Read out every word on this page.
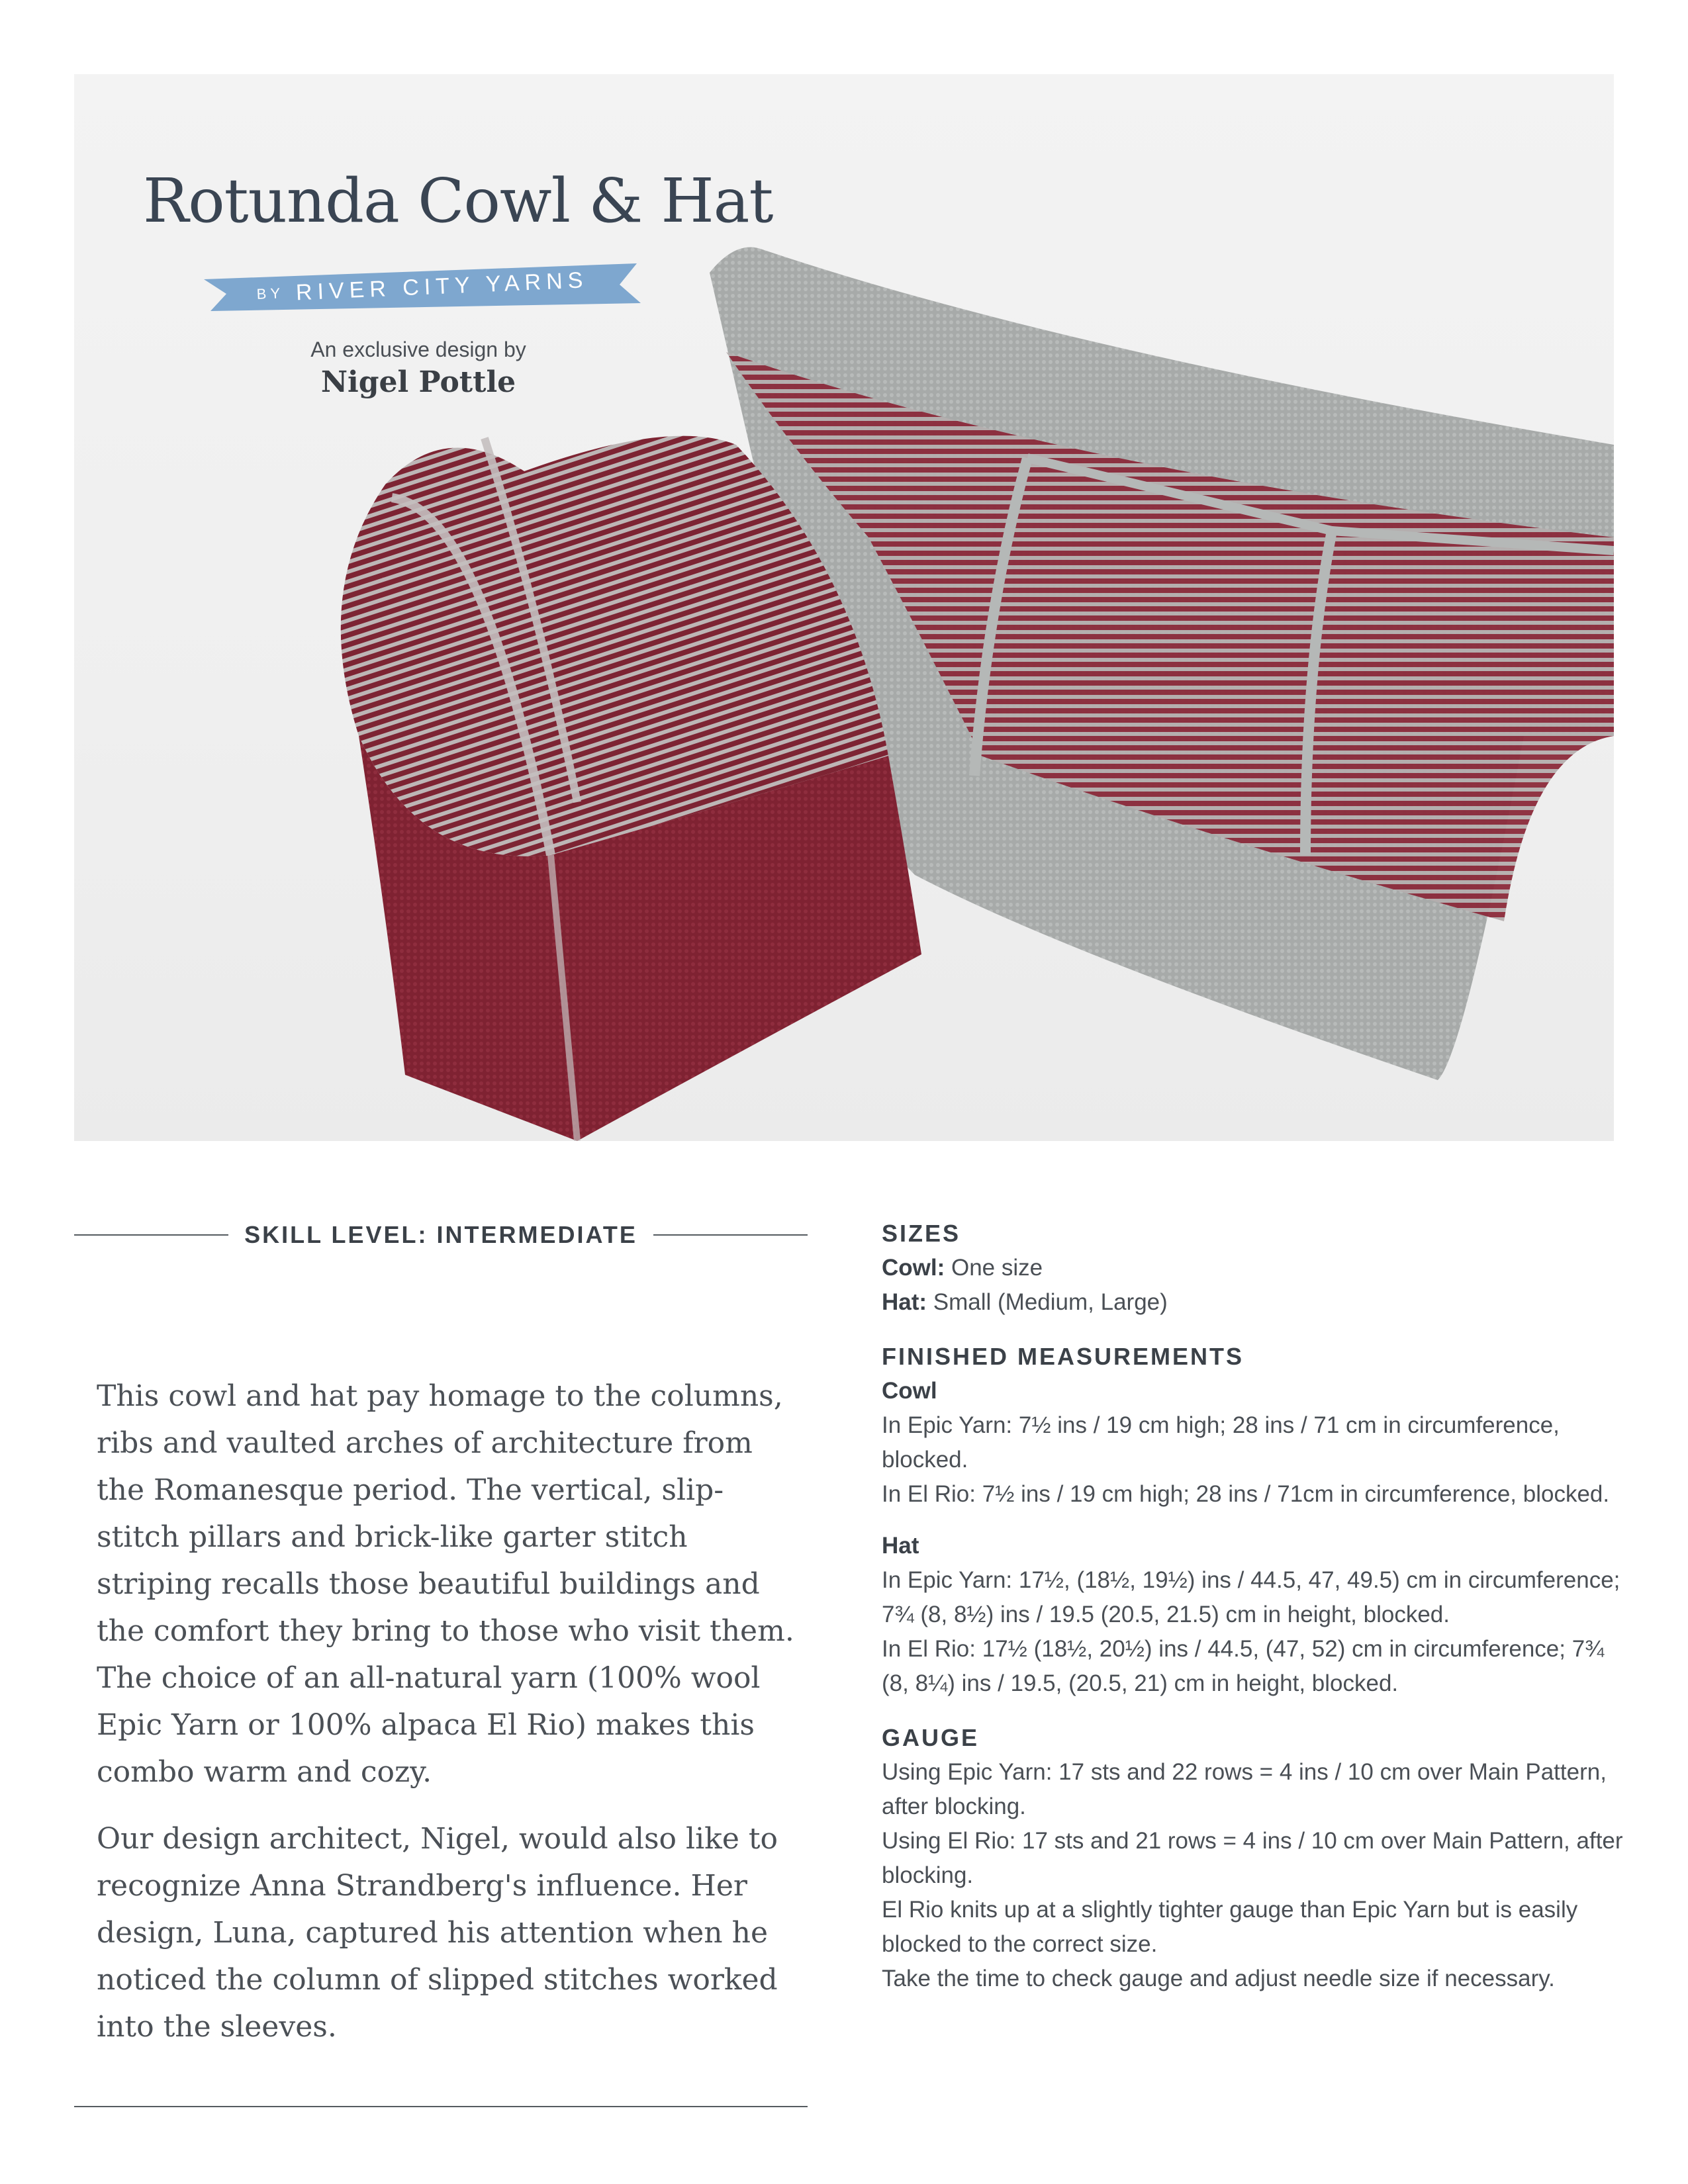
Rotunda Cowl & Hat
BY RIVER CITY YARNS
An exclusive design by
Nigel Pottle
SKILL LEVEL: INTERMEDIATE

This cowl and hat pay homage to the columns, ribs and vaulted arches of architecture from the Romanesque period. The vertical, slip-stitch pillars and brick-like garter stitch striping recalls those beautiful buildings and the comfort they bring to those who visit them. The choice of an all-natural yarn (100% wool Epic Yarn or 100% alpaca El Rio) makes this combo warm and cozy.

Our design architect, Nigel, would also like to recognize Anna Strandberg's influence. Her design, Luna, captured his attention when he noticed the column of slipped stitches worked into the sleeves.

SIZES
Cowl: One size
Hat: Small (Medium, Large)
FINISHED MEASUREMENTS
Cowl
In Epic Yarn: 7½ ins / 19 cm high; 28 ins / 71 cm in circumference, blocked.
In El Rio: 7½ ins / 19 cm high; 28 ins / 71cm in circumference, blocked.
Hat
In Epic Yarn: 17½, (18½, 19½) ins / 44.5, 47, 49.5) cm in circumference; 7¾ (8, 8½) ins / 19.5 (20.5, 21.5) cm in height, blocked.
In El Rio: 17½ (18½, 20½) ins / 44.5, (47, 52) cm in circumference; 7¾ (8, 8¼) ins / 19.5, (20.5, 21) cm in height, blocked.
GAUGE
Using Epic Yarn: 17 sts and 22 rows = 4 ins / 10 cm over Main Pattern, after blocking.
Using El Rio: 17 sts and 21 rows = 4 ins / 10 cm over Main Pattern, after blocking.
El Rio knits up at a slightly tighter gauge than Epic Yarn but is easily blocked to the correct size.
Take the time to check gauge and adjust needle size if necessary.
